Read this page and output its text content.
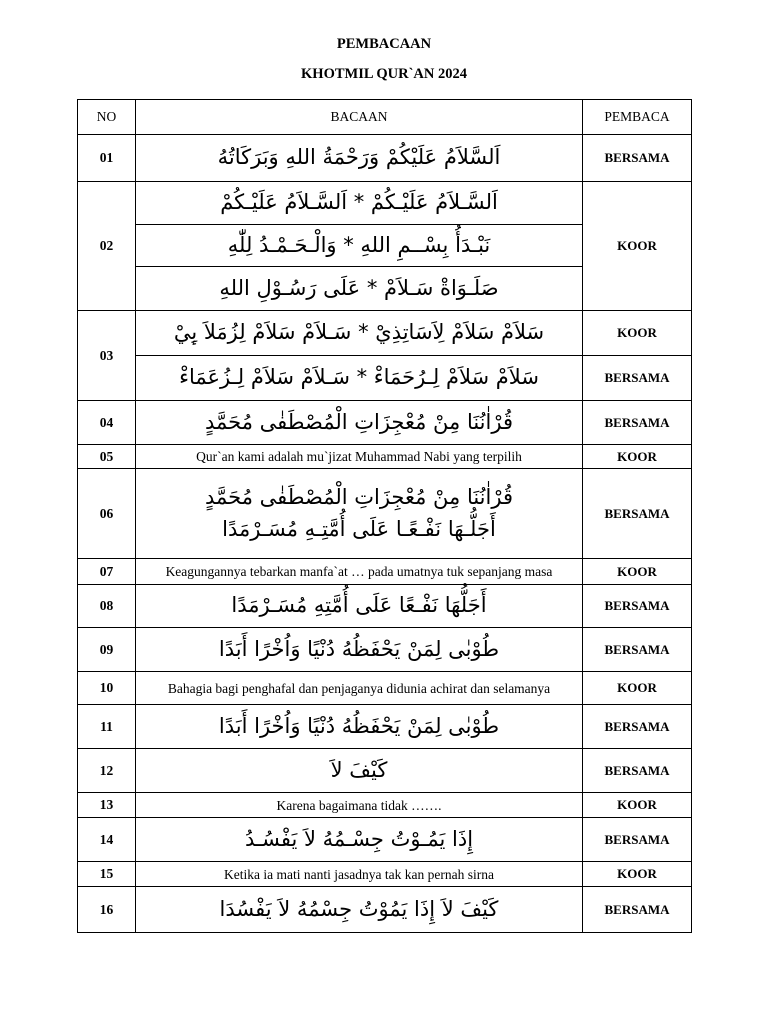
PEMBACAAN
KHOTMIL QUR`AN 2024
NO	BACAAN	PEMBACA
01	اَلسَّلاَمُ عَلَيْكُمْ وَرَحْمَةُ اللهِ وَبَرَكَاتُهُ	BERSAMA
02	اَلسَّـلاَمُ عَلَيْـكُمْ * اَلسَّـلاَمُ عَلَيْـكُمْ	KOOR
	نَبْـدَأُ بِسْــمِ اللهِ * وَالْـحَـمْـدُ لِلّٰهِ	
	صَلَـوَاةْ سَـلاَمْ * عَلَى رَسُـوْلِ اللهِ	
03	سَلاَمْ سَلاَمْ لِاَسَاتِذِيْ * سَـلاَمْ سَلاَمْ لِزُمَلاَ ىِٕيْ	KOOR
	سَلاَمْ سَلاَمْ لِـرُحَمَاءْ * سَـلاَمْ سَلاَمْ لِـزُعَمَاءْ	BERSAMA
04	قُرْاٰنُنَا مِنْ مُعْجِزَاتِ الْمُصْطَفٰى مُحَمَّدٍ	BERSAMA
05	Qur`an kami adalah mu`jizat Muhammad Nabi yang terpilih	KOOR
06	قُرْاٰنُنَا مِنْ مُعْجِزَاتِ الْمُصْطَفٰى مُحَمَّدٍ
أَجَلُّـهَا نَفْـعًـا عَلَى أُمَّتِـهِ مُسَـرْمَدًا	BERSAMA
07	Keagungannya tebarkan manfa`at … pada umatnya tuk sepanjang masa	KOOR
08	أَجَلُّهَا نَفْـعًا عَلَى أُمَّتِهِ مُسَـرْمَدًا	BERSAMA
09	طُوْبٰى لِمَنْ يَحْفَظُهُ دُنْيًا وَاُخْرًا أَبَدًا	BERSAMA
10	Bahagia bagi penghafal dan penjaganya didunia achirat dan selamanya	KOOR
11	طُوْبٰى لِمَنْ يَحْفَظُهُ دُنْيًا وَاُخْرًا أَبَدًا	BERSAMA
12	كَيْفَ لاَ	BERSAMA
13	Karena bagaimana tidak …….	KOOR
14	إِذَا يَمُـوْتُ جِسْـمُهُ لاَ يَفْسُـدُ	BERSAMA
15	Ketika ia mati nanti jasadnya tak kan pernah sirna	KOOR
16	كَيْفَ لاَ إِذَا يَمُوْتُ جِسْمُهُ لاَ يَفْسُدَا	BERSAMA
